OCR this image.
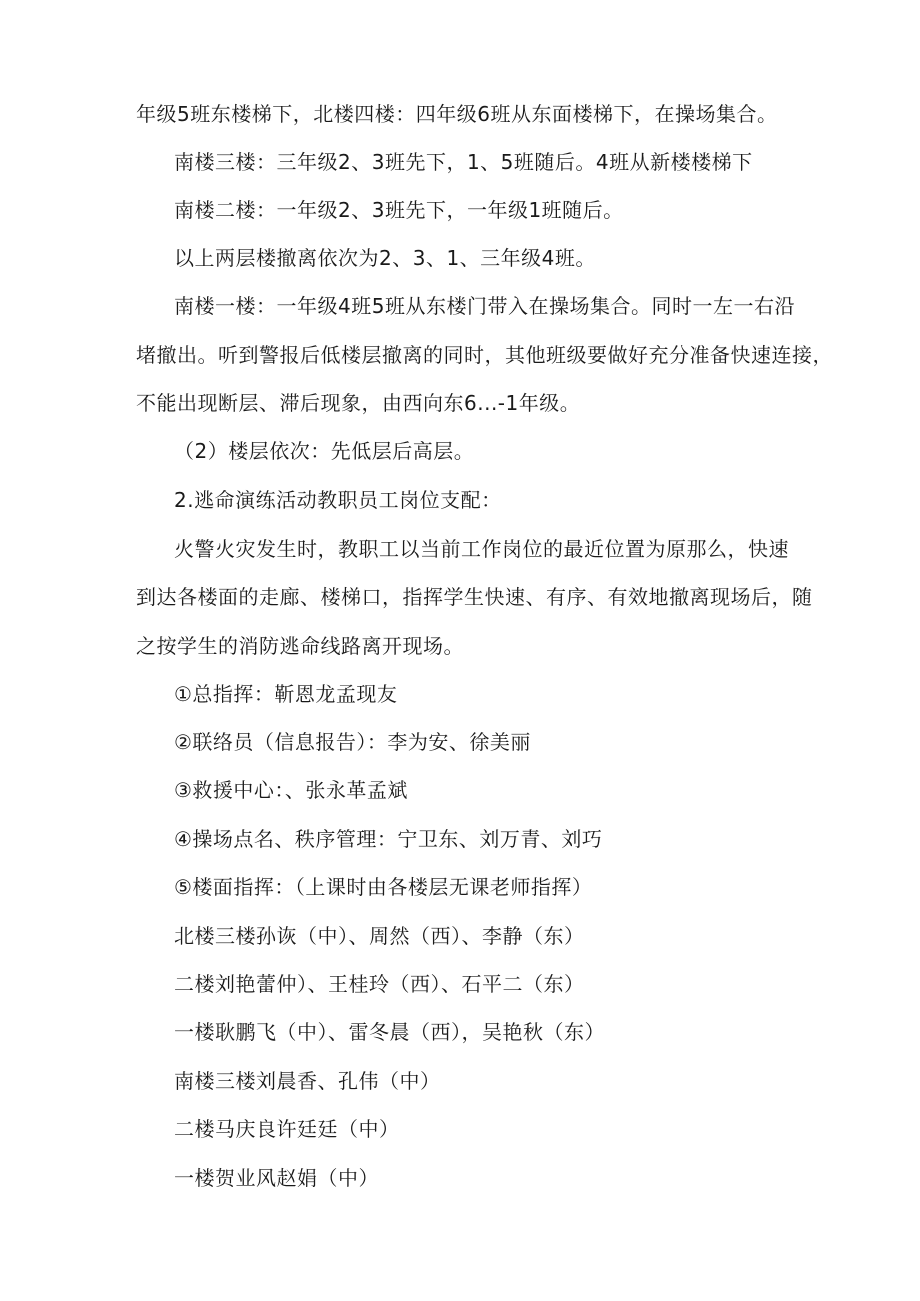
年级5班东楼梯下，北楼四楼：四年级6班从东面楼梯下，在操场集合。
南楼三楼：三年级2、3班先下，1、5班随后。4班从新楼楼梯下
南楼二楼：一年级2、3班先下，一年级1班随后。
以上两层楼撤离依次为2、3、1、三年级4班。
南楼一楼：一年级4班5班从东楼门带入在操场集合。同时一左一右沿
堵撤出。听到警报后低楼层撤离的同时，其他班级要做好充分准备快速连接，
不能出现断层、滞后现象，由西向东6...-1年级。
（2）楼层依次：先低层后高层。
2.逃命演练活动教职员工岗位支配：
火警火灾发生时，教职工以当前工作岗位的最近位置为原那么，快速
到达各楼面的走廊、楼梯口，指挥学生快速、有序、有效地撤离现场后，随
之按学生的消防逃命线路离开现场。
①总指挥：靳恩龙孟现友
②联络员（信息报告）：李为安、徐美丽
③救援中心：、张永革孟斌
④操场点名、秩序管理：宁卫东、刘万青、刘巧
⑤楼面指挥：（上课时由各楼层无课老师指挥）
北楼三楼孙诙（中）、周然（西）、李静（东）
二楼刘艳蕾仲）、王桂玲（西）、石平二（东）
一楼耿鹏飞（中）、雷冬晨（西），吴艳秋（东）
南楼三楼刘晨香、孔伟（中）
二楼马庆良许廷廷（中）
一楼贺业风赵娟（中）
